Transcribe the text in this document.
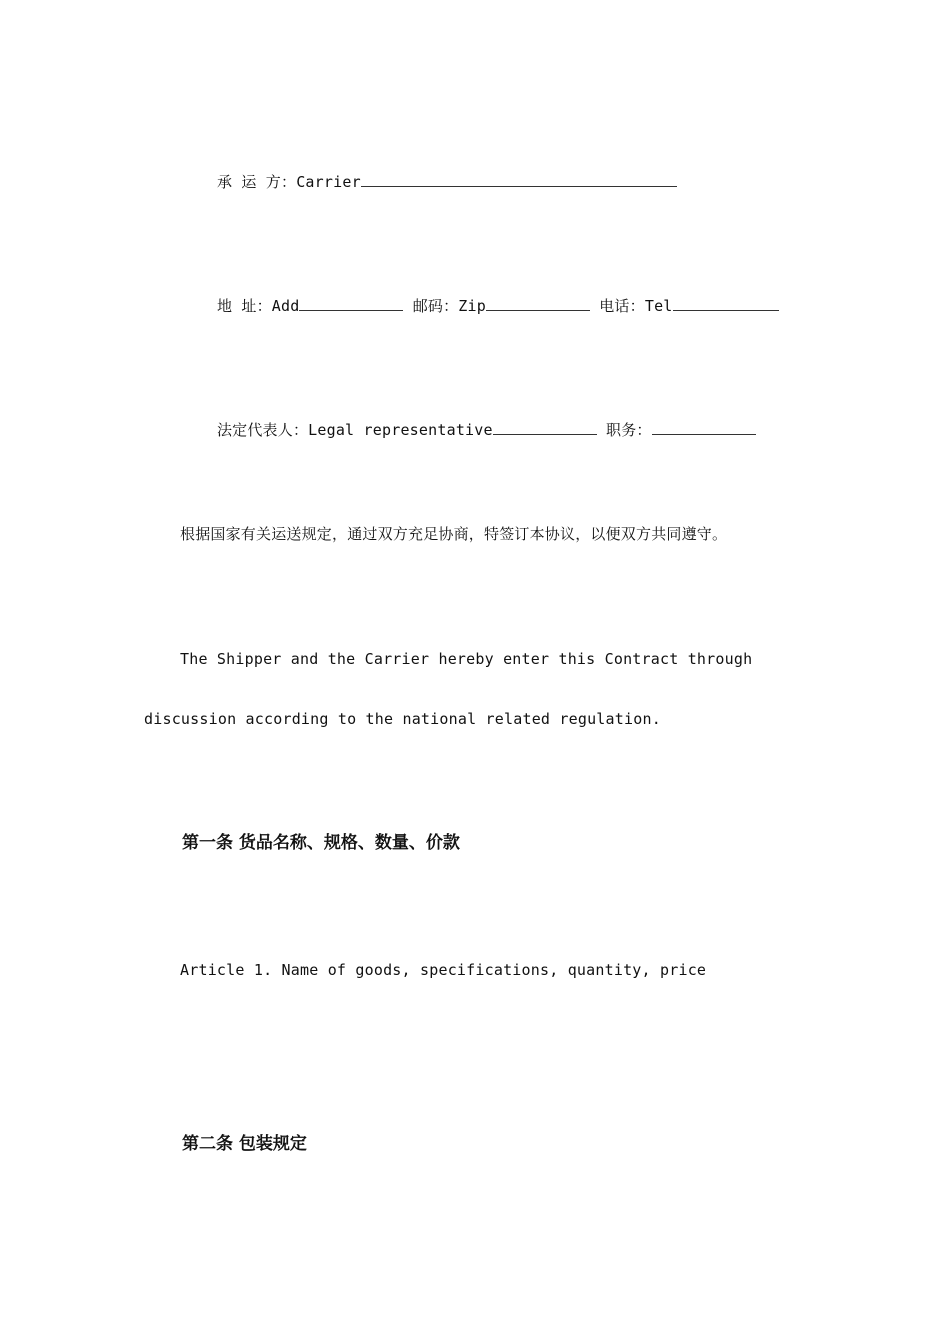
承 运 方：Carrier

地 址：Add	邮码：Zip	电话：Tel

法定代表人：Legal representative	职务：

根据国家有关运送规定，通过双方充足协商，特签订本协议，以便双方共同遵守。
The Shipper and the Carrier hereby enter this Contract through
discussion according to the national related regulation.
第一条 货品名称、规格、数量、价款
Article 1. Name of goods, specifications, quantity, price
第二条 包装规定
